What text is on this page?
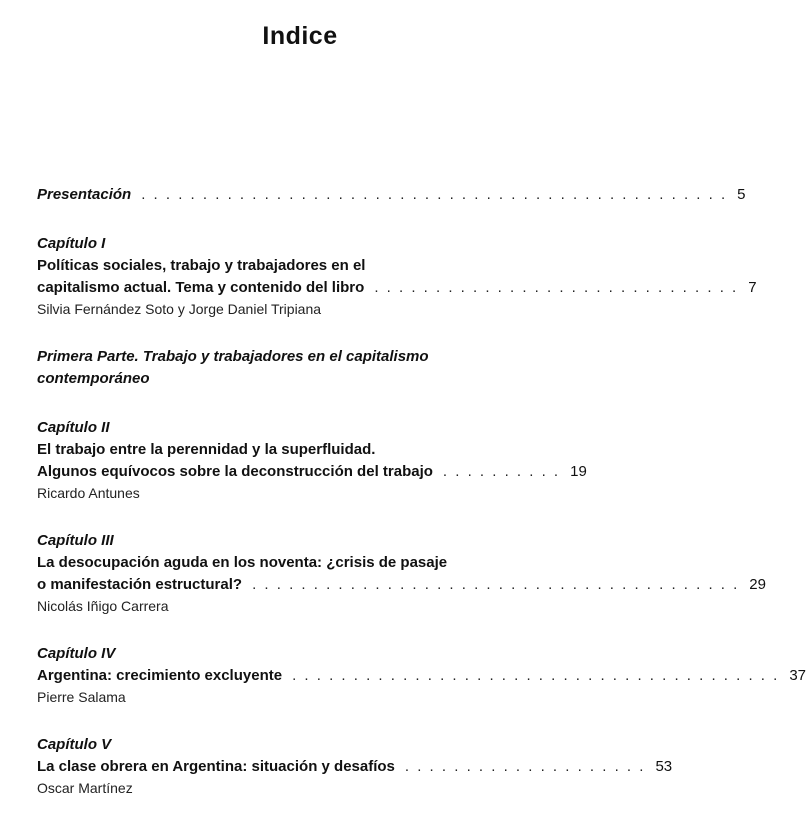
Indice
Presentación . . . . . . . . . . . . . . . . . . . . . . . . . . . . . . . . . . . . . . . . . . . . . . . . 5
Capítulo I
Políticas sociales, trabajo y trabajadores en el
capitalismo actual. Tema y contenido del libro . . . . . . . . . . . . . . . . . . . . . . . . . . . . . . 7
Silvia Fernández Soto y Jorge Daniel Tripiana
Primera Parte. Trabajo y trabajadores en el capitalismo
contemporáneo
Capítulo II
El trabajo entre la perennidad y la superfluidad.
Algunos equívocos sobre la deconstrucción del trabajo . . . . . . . . . . 19
Ricardo Antunes
Capítulo III
La desocupación aguda en los noventa: ¿crisis de pasaje
o manifestación estructural? . . . . . . . . . . . . . . . . . . . . . . . . . . . . . . . . . . . . . . . . 29
Nicolás Iñigo Carrera
Capítulo IV
Argentina: crecimiento excluyente . . . . . . . . . . . . . . . . . . . . . . . . . . . . . . . . . . . . . . . . 37
Pierre Salama
Capítulo V
La clase obrera en Argentina: situación y desafíos . . . . . . . . . . . . . . . . . . . . 53
Oscar Martínez
